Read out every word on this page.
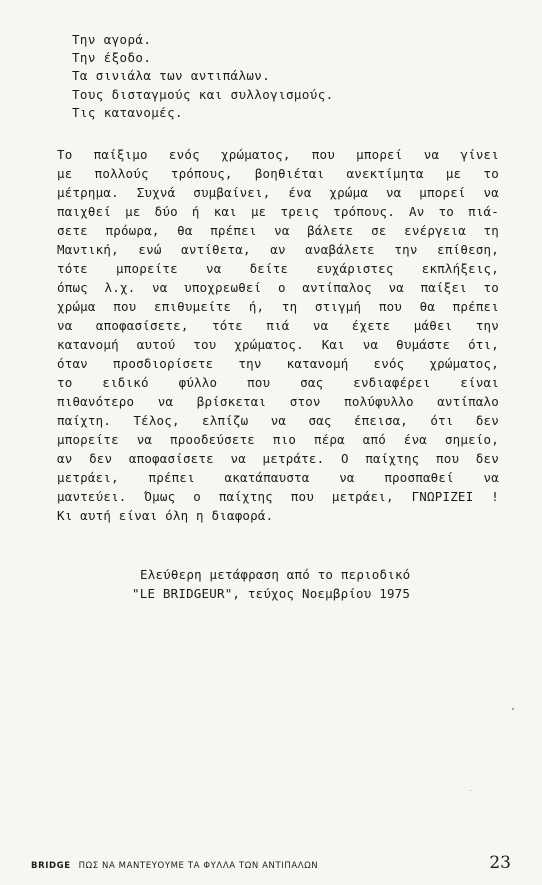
Την αγορά.
Την έξοδο.
Τα σινιάλα των αντιπάλων.
Τους δισταγμούς και συλλογισμούς.
Τις κατανομές.

Το παίξιμο ενός χρώματος, που μπορεί να γίνει
με πολλούς τρόπους, βοηθιέται ανεκτίμητα με το
μέτρημα. Συχνά συμβαίνει, ένα χρώμα να μπορεί να
παιχθεί με δύο ή και με τρεις τρόπους. Αν το πιά-
σετε πρόωρα, θα πρέπει να βάλετε σε ενέργεια τη
Μαντική, ενώ αντίθετα, αν αναβάλετε την επίθεση,
τότε μπορείτε να δείτε ευχάριστες εκπλήξεις,
όπως λ.χ. να υποχρεωθεί ο αντίπαλος να παίξει το
χρώμα που επιθυμείτε ή, τη στιγμή που θα πρέπει
να αποφασίσετε, τότε πιά να έχετε μάθει την
κατανομή αυτού του χρώματος. Και να θυμάστε ότι,
όταν προσδιορίσετε την κατανομή ενός χρώματος,
το ειδικό φύλλο που σας ενδιαφέρει είναι
πιθανότερο να βρίσκεται στον πολύφυλλο αντίπαλο
παίχτη. Τέλος, ελπίζω να σας έπεισα, ότι δεν
μπορείτε να προοδεύσετε πιο πέρα από ένα σημείο,
αν δεν αποφασίσετε να μετράτε. Ο παίχτης που δεν
μετράει, πρέπει ακατάπαυστα να προσπαθεί να
μαντεύει. Όμως ο παίχτης που μετράει, ΓΝΩΡΙΖΕΙ !
Κι αυτή είναι όλη η διαφορά.

Ελεύθερη μετάφραση από το περιοδικό
"LE BRIDGEUR", τεύχος Νοεμβρίου 1975
BRIDGE ΠΩΣ ΝΑ ΜΑΝΤΕΥΟΥΜΕ ΤΑ ΦΥΛΛΑ ΤΩΝ ΑΝΤΙΠΑΛΩΝ	23
